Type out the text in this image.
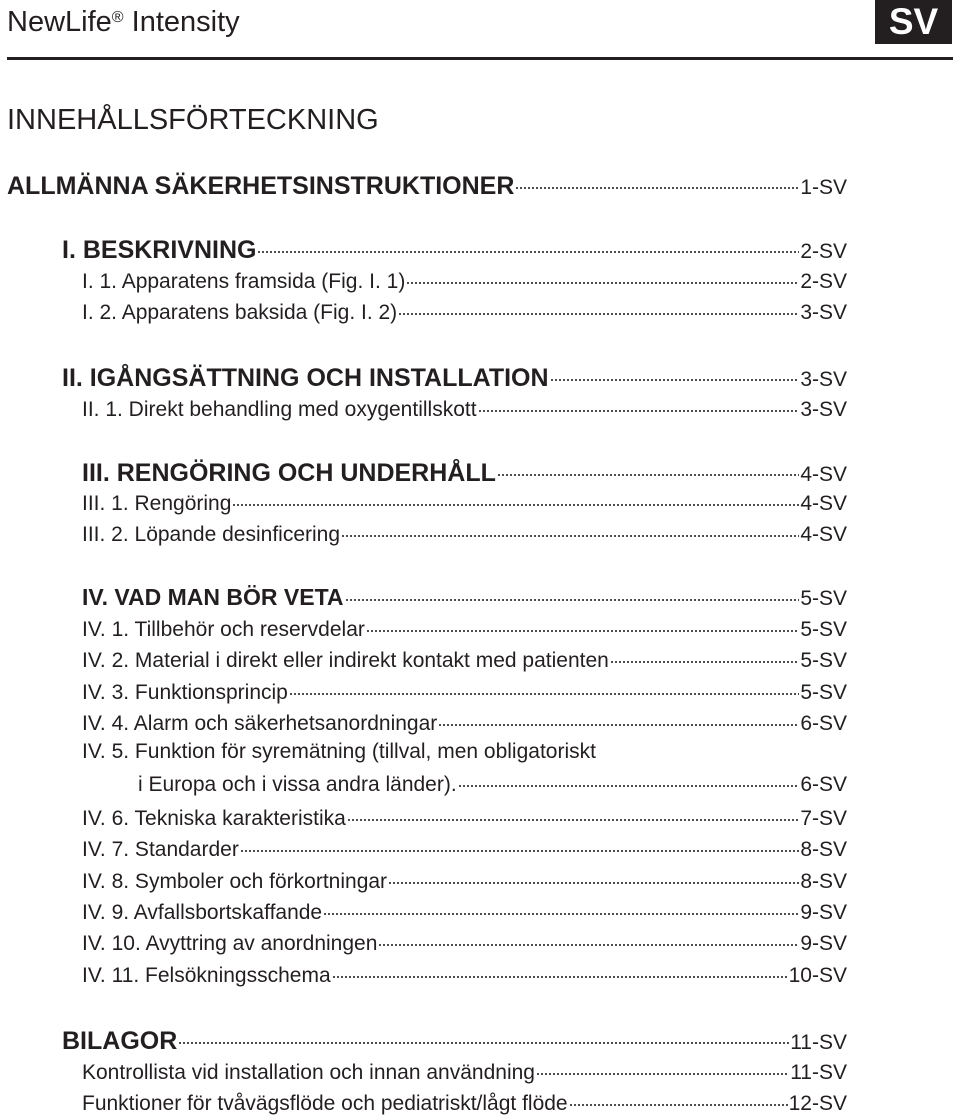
NewLife® Intensity	SV
INNEHÅLLSFÖRTECKNING
ALLMÄNNA SÄKERHETSINSTRUKTIONER	1-SV
I. BESKRIVNING	2-SV
I. 1. Apparatens framsida (Fig. I. 1)	2-SV
I. 2. Apparatens baksida (Fig. I. 2)	3-SV
II. IGÅNGSÄTTNING OCH INSTALLATION	3-SV
II. 1. Direkt behandling med oxygentillskott	3-SV
III. RENGÖRING OCH UNDERHÅLL	4-SV
III. 1. Rengöring	4-SV
III. 2. Löpande desinficering	4-SV
IV. VAD MAN BÖR VETA	5-SV
IV. 1. Tillbehör och reservdelar	5-SV
IV. 2. Material i direkt eller indirekt kontakt med patienten	5-SV
IV. 3. Funktionsprincip	5-SV
IV. 4. Alarm och säkerhetsanordningar	6-SV
IV. 5. Funktion för syremätning (tillval, men obligatoriskt
i Europa och i vissa andra länder).	6-SV
IV. 6. Tekniska karakteristika	7-SV
IV. 7. Standarder	8-SV
IV. 8. Symboler och förkortningar	8-SV
IV. 9. Avfallsbortskaffande	9-SV
IV. 10. Avyttring av anordningen	9-SV
IV. 11. Felsökningsschema	10-SV
BILAGOR	11-SV
Kontrollista vid installation och innan användning	11-SV
Funktioner för tvåvägsflöde och pediatriskt/lågt flöde	12-SV
